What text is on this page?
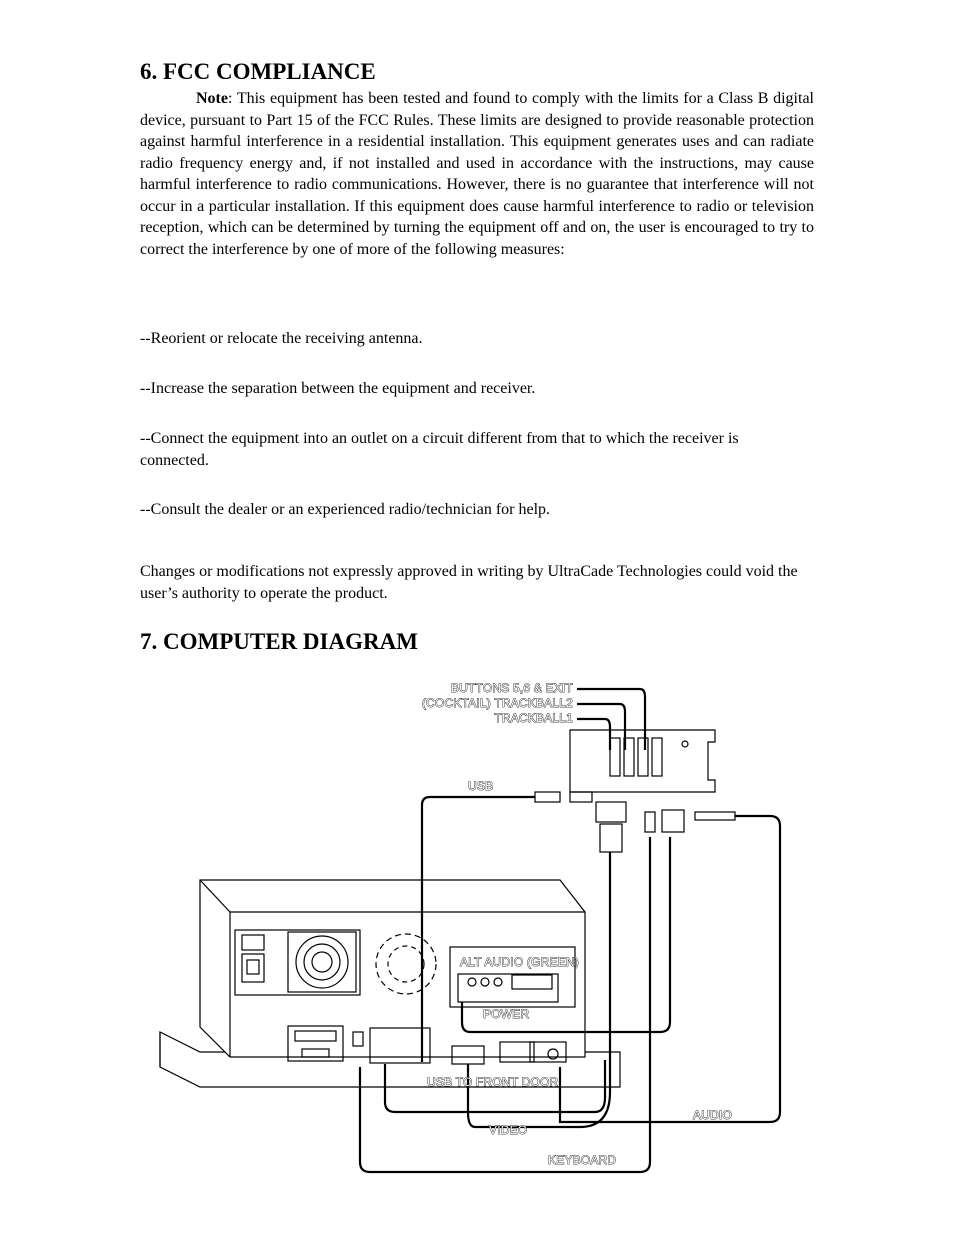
6. FCC COMPLIANCE

Note: This equipment has been tested and found to comply with the limits for a Class B digital device, pursuant to Part 15 of the FCC Rules. These limits are designed to provide reasonable protection against harmful interference in a residential installation. This equipment generates uses and can radiate radio frequency energy and, if not installed and used in accordance with the instructions, may cause harmful interference to radio communications. However, there is no guarantee that interference will not occur in a particular installation. If this equipment does cause harmful interference to radio or television reception, which can be determined by turning the equipment off and on, the user is encouraged to try to correct the interference by one of more of the following measures:

--Reorient or relocate the receiving antenna.

--Increase the separation between the equipment and receiver.

--Connect the equipment into an outlet on a circuit different from that to which the receiver is connected.

--Consult the dealer or an experienced radio/technician for help.

Changes or modifications not expressly approved in writing by UltraCade Technologies could void the user’s authority to operate the product.

7. COMPUTER DIAGRAM
BUTTONS 5,6 & EXIT
(COCKTAIL) TRACKBALL2
TRACKBALL1
USB
ALT AUDIO (GREEN)
POWER
USB TO FRONT DOOR
VIDEO
AUDIO
KEYBOARD
